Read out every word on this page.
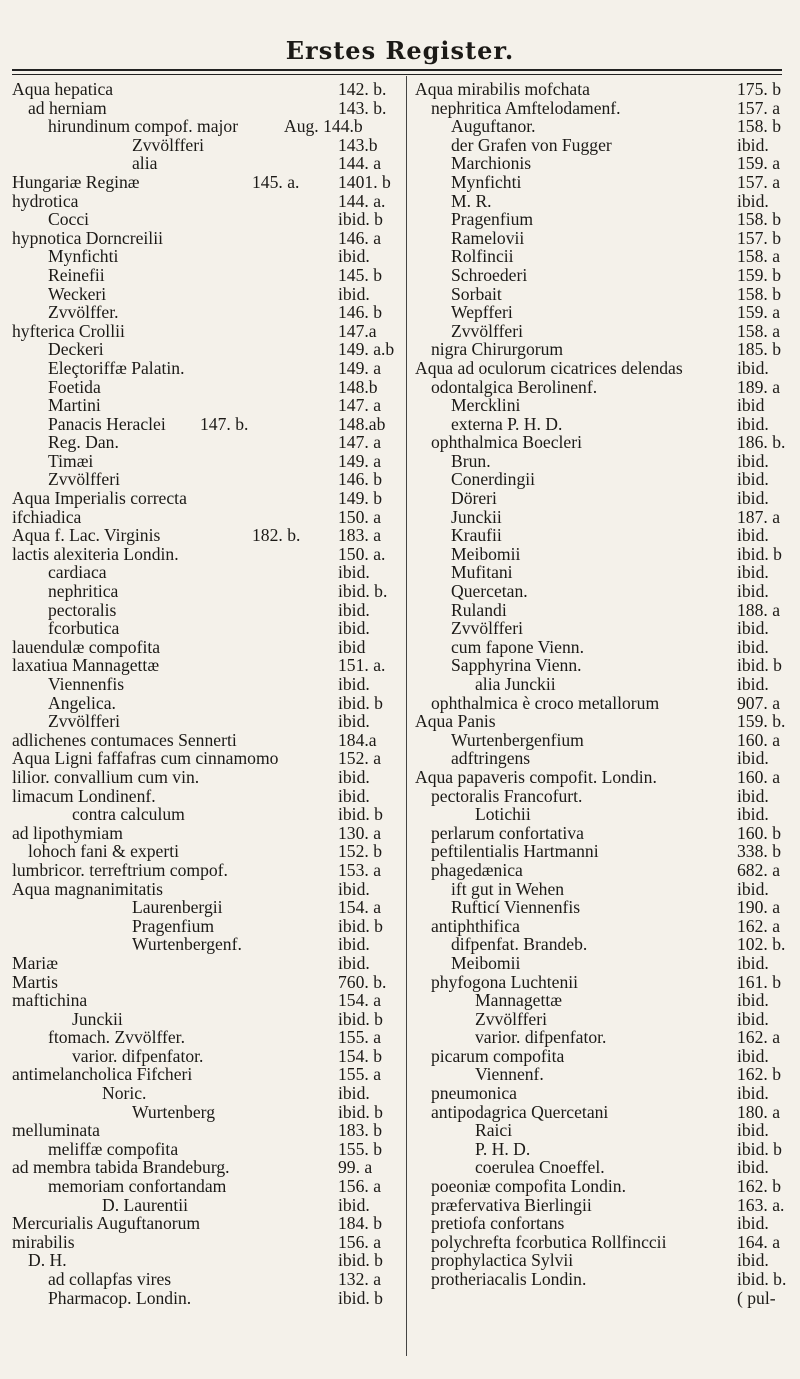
Erstes Register.
Aqua hepatica	142. b.
ad herniam	143. b.
hirundinum compof. major	Aug. 144.b
Zvvölfferi	143.b
alia	144. a
Hungariæ Reginæ	145. a. 1401. b
hydrotica	144. a.
Cocci	ibid. b
hypnotica Dorncreilii	146. a
Mynfichti	ibid.
Reinefii	145. b
Weckeri	ibid.
Zvvölffer.	146. b
hyfterica Crollii	147.a
Deckeri	149. a.b
Eleçtoriffæ Palatin.	149. a
Foetida	148.b
Martini	147. a
Panacis Heraclei 147. b.	148.ab
Reg. Dan.	147. a
Timæi	149. a
Zvvölfferi	146. b
Aqua Imperialis correcta	149. b
ifchiadica	150. a
Aqua f. Lac. Virginis	182. b. 183. a
lactis alexiteria Londin.	150. a.
cardiaca	ibid.
nephritica	ibid. b.
pectoralis	ibid.
fcorbutica	ibid.
lauendulæ compofita	ibid
laxatiua Mannagettæ	151. a.
Viennenfis	ibid.
Angelica.	ibid. b
Zvvölfferi	ibid.
adlichenes contumaces Sennerti	184.a
Aqua Ligni faffafras cum cinnamomo	152. a
lilior. convallium cum vin.	ibid.
limacum Londinenf.	ibid.
contra calculum	ibid. b
ad lipothymiam	130. a
lohoch fani & experti	152. b
lumbricor. terreftrium compof.	153. a
Aqua magnanimitatis	ibid.
Laurenbergii	154. a
Pragenfium	ibid. b
Wurtenbergenf.	ibid.
Mariæ	ibid.
Martis	760. b.
maftichina	154. a
Junckii	ibid. b
ftomach. Zvvölffer.	155. a
varior. difpenfator.	154. b
antimelancholica Fifcheri	155. a
Noric.	ibid.
Wurtenberg	ibid. b
melluminata	183. b
meliffæ compofita	155. b
ad membra tabida Brandeburg.	99. a
memoriam confortandam	156. a
D. Laurentii	ibid.
Mercurialis Auguftanorum	184. b
mirabilis	156. a
D. H.	ibid. b
ad collapfas vires	132. a
Pharmacop. Londin.	ibid. b
Aqua mirabilis mofchata	175. b
nephritica Amftelodamenf.	157. a
Auguftanor.	158. b
der Grafen von Fugger	ibid.
Marchionis	159. a
Mynfichti	157. a
M. R.	ibid.
Pragenfium	158. b
Ramelovii	157. b
Rolfincii	158. a
Schroederi	159. b
Sorbait	158. b
Wepfferi	159. a
Zvvölfferi	158. a
nigra Chirurgorum	185. b
Aqua ad oculorum cicatrices delendas	ibid.
odontalgica Berolinenf.	189. a
Mercklini	ibid
externa P. H. D.	ibid.
ophthalmica Boecleri	186. b.
Brun.	ibid.
Conerdingii	ibid.
Döreri	ibid.
Junckii	187. a
Kraufii	ibid.
Meibomii	ibid. b
Mufitani	ibid.
Quercetan.	ibid.
Rulandi	188. a
Zvvölfferi	ibid.
cum fapone Vienn.	ibid.
Sapphyrina Vienn.	ibid. b
alia Junckii	ibid.
ophthalmica è croco metallorum	907. a
Aqua Panis	159. b.
Wurtenbergenfium	160. a
adftringens	ibid.
Aqua papaveris compofit. Londin.	160. a
pectoralis Francofurt.	ibid.
Lotichii	ibid.
perlarum confortativa	160. b
peftilentialis Hartmanni	338. b
phagedænica	682. a
ift gut in Wehen	ibid.
Rufticí Viennenfis	190. a
antiphthifica	162. a
difpenfat. Brandeb.	102. b.
Meibomii	ibid.
phyfogona Luchtenii	161. b
Mannagettæ	ibid.
Zvvölfferi	ibid.
varior. difpenfator.	162. a
picarum compofita	ibid.
Viennenf.	162. b
pneumonica	ibid.
antipodagrica Quercetani	180. a
Raici	ibid.
P. H. D.	ibid. b
coerulea Cnoeffel.	ibid.
poeoniæ compofita Londin.	162. b
præfervativa Bierlingii	163. a.
pretiofa confortans	ibid.
polychrefta fcorbutica Rollfinccii	164. a
prophylactica Sylvii	ibid.
protheriacalis Londin.	ibid. b.
( pul-
